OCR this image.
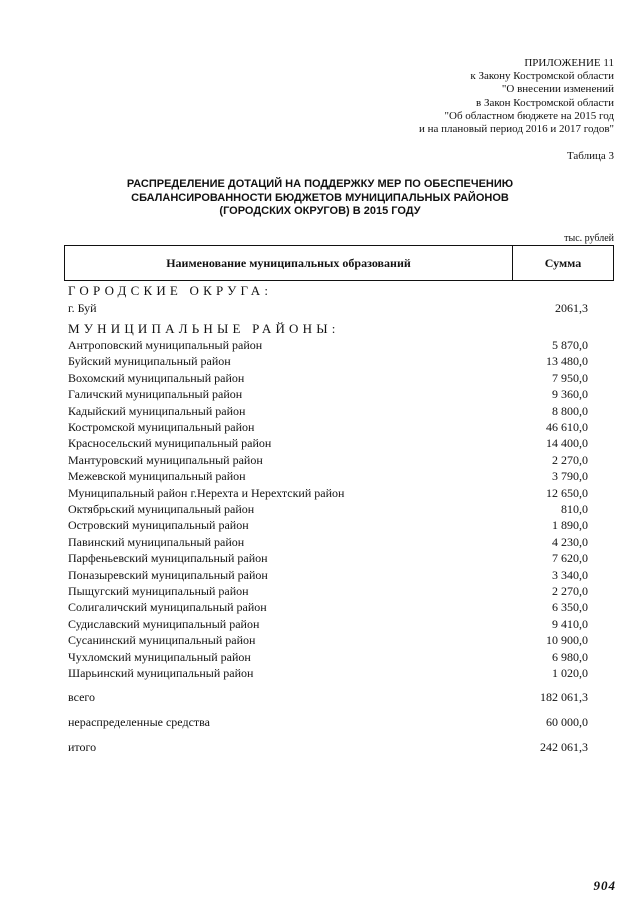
ПРИЛОЖЕНИЕ 11
к Закону Костромской области
"О внесении изменений
в Закон Костромской области
"Об областном бюджете на 2015 год
и на плановый период 2016 и 2017 годов"
Таблица 3
РАСПРЕДЕЛЕНИЕ ДОТАЦИЙ НА ПОДДЕРЖКУ МЕР ПО ОБЕСПЕЧЕНИЮ
СБАЛАНСИРОВАННОСТИ БЮДЖЕТОВ МУНИЦИПАЛЬНЫХ РАЙОНОВ
(ГОРОДСКИХ ОКРУГОВ) В 2015 ГОДУ
тыс. рублей
Наименование муниципальных образований	Сумма
ГОРОДСКИЕ ОКРУГА:
г. Буй	2061,3
МУНИЦИПАЛЬНЫЕ РАЙОНЫ:
Антроповский муниципальный район	5 870,0
Буйский муниципальный район	13 480,0
Вохомский муниципальный район	7 950,0
Галичский муниципальный район	9 360,0
Кадыйский муниципальный район	8 800,0
Костромской муниципальный район	46 610,0
Красносельский муниципальный район	14 400,0
Мантуровский муниципальный район	2 270,0
Межевской муниципальный район	3 790,0
Муниципальный район г.Нерехта и Нерехтский район	12 650,0
Октябрьский муниципальный район	810,0
Островский муниципальный район	1 890,0
Павинский муниципальный район	4 230,0
Парфеньевский муниципальный район	7 620,0
Поназыревский муниципальный район	3 340,0
Пыщугский муниципальный район	2 270,0
Солигаличский муниципальный район	6 350,0
Судиславский муниципальный район	9 410,0
Сусанинский муниципальный район	10 900,0
Чухломский муниципальный район	6 980,0
Шарьинский муниципальный район	1 020,0
всего	182 061,3
нераспределенные средства	60 000,0
итого	242 061,3
904
